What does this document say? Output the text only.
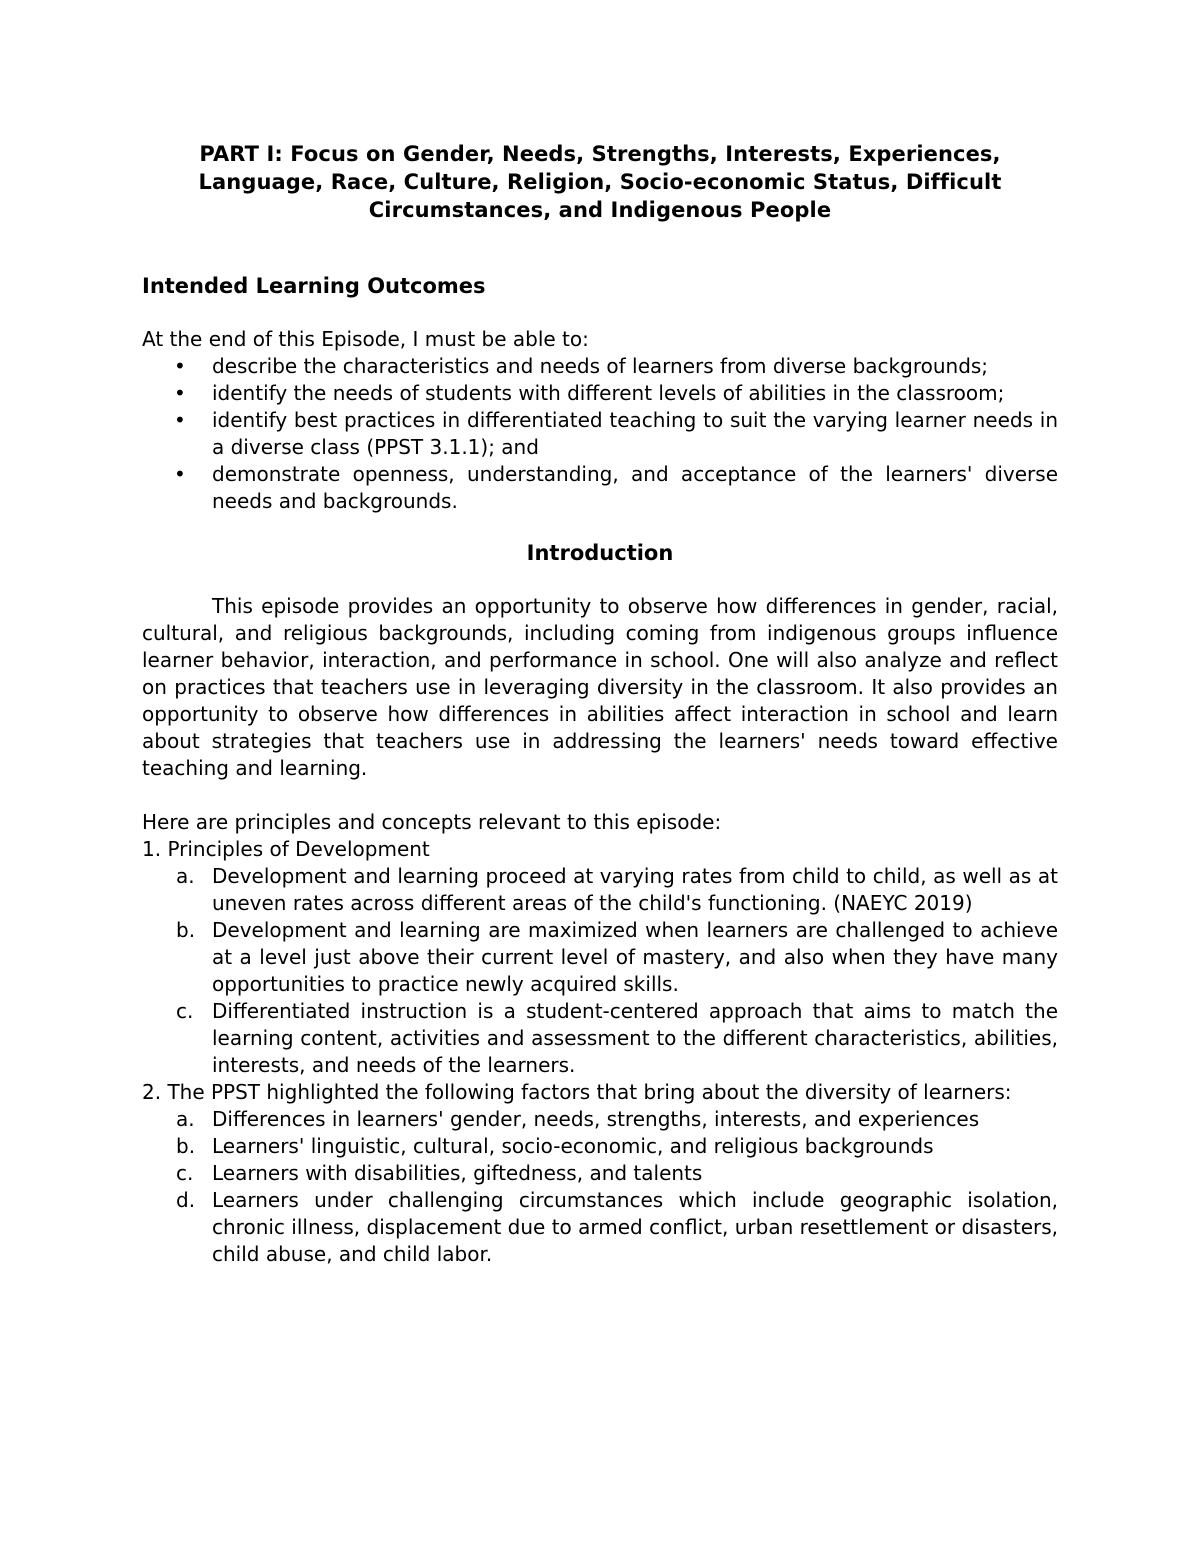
PART I: Focus on Gender, Needs, Strengths, Interests, Experiences,
Language, Race, Culture, Religion, Socio-economic Status, Difficult
Circumstances, and Indigenous People
Intended Learning Outcomes

At the end of this Episode, I must be able to:

• describe the characteristics and needs of learners from diverse backgrounds;
• identify the needs of students with different levels of abilities in the classroom;
• identify best practices in differentiated teaching to suit the varying learner needs in a diverse class (PPST 3.1.1); and
• demonstrate openness, understanding, and acceptance of the learners' diverse needs and backgrounds.
Introduction

This episode provides an opportunity to observe how differences in gender, racial, cultural, and religious backgrounds, including coming from indigenous groups influence learner behavior, interaction, and performance in school. One will also analyze and reflect on practices that teachers use in leveraging diversity in the classroom. It also provides an opportunity to observe how differences in abilities affect interaction in school and learn about strategies that teachers use in addressing the learners' needs toward effective teaching and learning.

Here are principles and concepts relevant to this episode:

1. Principles of Development

a. Development and learning proceed at varying rates from child to child, as well as at uneven rates across different areas of the child's functioning. (NAEYC 2019)
b. Development and learning are maximized when learners are challenged to achieve at a level just above their current level of mastery, and also when they have many opportunities to practice newly acquired skills.
c. Differentiated instruction is a student-centered approach that aims to match the learning content, activities and assessment to the different characteristics, abilities, interests, and needs of the learners.

2. The PPST highlighted the following factors that bring about the diversity of learners:

a. Differences in learners' gender, needs, strengths, interests, and experiences
b. Learners' linguistic, cultural, socio-economic, and religious backgrounds
c. Learners with disabilities, giftedness, and talents
d. Learners under challenging circumstances which include geographic isolation, chronic illness, displacement due to armed conflict, urban resettlement or disasters, child abuse, and child labor.
